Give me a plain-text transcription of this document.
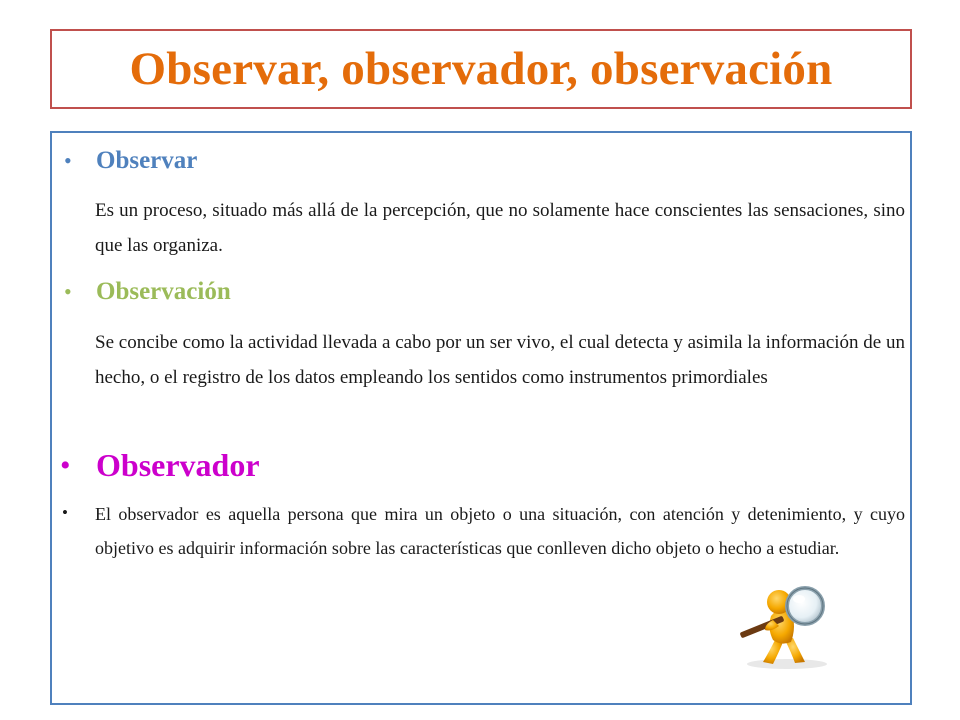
Observar, observador, observación
• Observar
Es un proceso, situado más allá de la percepción, que no solamente hace conscientes las sensaciones, sino que las organiza.
• Observación
Se concibe como la actividad llevada a cabo por un ser vivo, el cual detecta y asimila la información de un hecho, o el registro de los datos empleando los sentidos como instrumentos primordiales
• Observador
• El observador es aquella persona que mira un objeto o una situación, con atención y detenimiento, y cuyo objetivo es adquirir información sobre las características que conlleven dicho objeto o hecho a estudiar.
